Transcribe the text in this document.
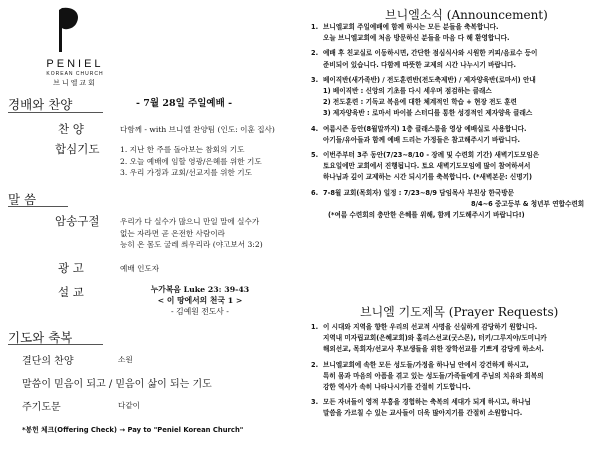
PENIEL
KOREAN CHURCH
브니엘교회
경배와 찬양	- 7월 28일 주일예배 -
찬 양	다함께 - with 브니엘 찬양팀 (인도: 이훈 집사)
합심기도	1. 지난 한 주를 돌아보는 참회의 기도
2. 오늘 예배에 임할 영광/은혜를 위한 기도
3. 우리 가정과 교회/선교지를 위한 기도
말 씀
암송구절	우리가 다 실수가 많으니 만일 말에 실수가
없는 자라면 곧 온전한 사람이라
능히 온 몸도 굴레 씌우리라 (야고보서 3:2)
광 고	예배 인도자
설 교	누가복음 Luke 23: 39-43
< 이 땅에서의 천국 1 >
- 김예원 전도사 -
기도와 축복
결단의 찬양	소원
말씀이 믿음이 되고 / 믿음이 삶이 되는 기도
주기도문	다같이
*봉헌 체크(Offering Check) → Pay to "Peniel Korean Church"
브니엘소식 (Announcement)
1. 브니엘교회 주일예배에 함께 하시는 모든 분들을 축복합니다.
오늘 브니엘교회에 처음 방문하신 분들을 마음 다 해 환영합니다.
2. 예배 후 친교실로 이동하시면, 간단한 점심식사와 시원한 커피/음료수 등이
준비되어 있습니다. 다함께 따뜻한 교제의 시간 나누시기 바랍니다.
3. 베이직반(새가족반) / 전도훈련반(전도축제반) / 제자양육반(로마서) 안내
1) 베이직반 : 신앙의 기초를 다시 세우며 점검하는 클래스
2) 전도훈련 : 기독교 복음에 대한 체계적인 학습 + 현장 전도 훈련
3) 제자양육반 : 로마서 바이블 스터디를 통한 성경적인 제자양육 클래스
4. 여름시즌 동안(8월말까지) 1층 클래스룸을 영상 예배실로 사용합니다.
아기들/유아들과 함께 예배 드리는 가정들은 참고해주시기 바랍니다.
5. 이번주부터 3주 동안(7/23~8/10 - 장례 및 수련회 기간) 새벽기도모임은
토요일에만 교회에서 진행됩니다. 토요 새벽기도모임에 많이 참여하셔서
하나님과 깊이 교제하는 시간 되시기를 축복합니다. (*새벽본문: 신명기)
6. 7-8월 교회(목회자) 일정 : 7/23~8/9 담임목사 부친상 한국방문
8/4~6 중고등부 & 청년부 연합수련회
(*여름 수련회의 충만한 은혜를 위해, 함께 기도해주시기 바랍니다!)
브니엘 기도제목 (Prayer Requests)
1. 이 시대와 지역을 향한 우리의 선교적 사명을 신실하게 감당하기 원합니다.
지역내 미자립교회(은혜교회)와 홀리스선교(굿스몬), 터키/그루지야/도미니카
해외선교, 목회자/선교사 후보생들을 위한 장학선교를 기쁘게 감당케 하소서.
2. 브니엘교회에 속한 모든 성도들/가정을 하나님 안에서 강건하게 하시고,
특히 몸과 마음의 아픔을 겪고 있는 성도들/가족들에게 주님의 치유와 회복의
강한 역사가 속히 나타나시기를 간절히 기도합니다.
3. 모든 자녀들이 영적 부흥을 경험하는 축복의 세대가 되게 하시고, 하나님
말씀을 가르칠 수 있는 교사들이 더욱 많아지기를 간절히 소원합니다.
